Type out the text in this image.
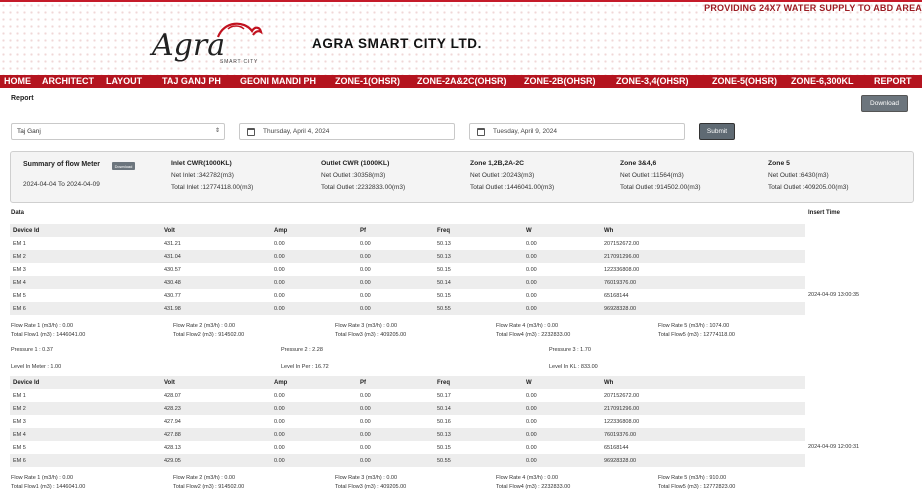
PROVIDING 24X7 WATER SUPPLY TO ABD AREA
Agra
SMART CITY
AGRA SMART CITY LTD.
HOME ARCHITECT LAYOUT TAJ GANJ PH GEONI MANDI PH ZONE-1(OHSR) ZONE-2A&2C(OHSR) ZONE-2B(OHSR) ZONE-3,4(OHSR)	ZONE-5(OHSR) ZONE-6,300KL REPORT
Report
Download
Taj Ganj	⇕	Thursday, April 4, 2024	Tuesday, April 9, 2024	Submit
Summary of flow Meter	Download
2024-04-04 To 2024-04-09
Inlet CWR(1000KL)
Net Inlet :342782(m3)
Total Inlet :12774118.00(m3)
Outlet CWR (1000KL)
Net Outlet :30358(m3)
Total Outlet :2232833.00(m3)
Zone 1,2B,2A-2C
Net Outlet :20243(m3)
Total Outlet :1446041.00(m3)
Zone 3&4,6
Net Outlet :11564(m3)
Total Outlet :914502.00(m3)
Zone 5
Net Outlet :6430(m3)
Total Outlet :409205.00(m3)
Data	Insert Time
Device Id	Volt	Amp	Pf	Freq	W	Wh
EM 1	431.21	0.00	0.00	50.13	0.00	207152672.00
EM 2	431.04	0.00	0.00	50.13	0.00	217091296.00
EM 3	430.57	0.00	0.00	50.15	0.00	122336808.00
EM 4	430.48	0.00	0.00	50.14	0.00	76019376.00
EM 5	430.77	0.00	0.00	50.15	0.00	65168144
EM 6	431.98	0.00	0.00	50.55	0.00	96928328.00
2024-04-09 13:00:35
Flow Rate 1 (m3/h) : 0.00
Total Flow1 (m3) : 1446041.00
Flow Rate 2 (m3/h) : 0.00
Total Flow2 (m3) : 914502.00
Flow Rate 3 (m3/h) : 0.00
Total Flow3 (m3) : 409205.00
Flow Rate 4 (m3/h) : 0.00
Total Flow4 (m3) : 2232833.00
Flow Rate 5 (m3/h) : 1074.00
Total Flow5 (m3) : 12774118.00
Pressure 1 : 0.37	Pressure 2 : 2.28	Pressure 3 : 1.70
Level In Meter : 1.00	Level In Per : 16.72	Level In KL : 833.00
Device Id	Volt	Amp	Pf	Freq	W	Wh
EM 1	428.07	0.00	0.00	50.17	0.00	207152672.00
EM 2	428.23	0.00	0.00	50.14	0.00	217091296.00
EM 3	427.94	0.00	0.00	50.16	0.00	122336808.00
EM 4	427.88	0.00	0.00	50.13	0.00	76019376.00
EM 5	428.13	0.00	0.00	50.15	0.00	65168144
EM 6	429.05	0.00	0.00	50.55	0.00	96928328.00
2024-04-09 12:00:31
Flow Rate 1 (m3/h) : 0.00
Total Flow1 (m3) : 1446041.00
Flow Rate 2 (m3/h) : 0.00
Total Flow2 (m3) : 914502.00
Flow Rate 3 (m3/h) : 0.00
Total Flow3 (m3) : 409205.00
Flow Rate 4 (m3/h) : 0.00
Total Flow4 (m3) : 2232833.00
Flow Rate 5 (m3/h) : 910.00
Total Flow5 (m3) : 12772823.00
